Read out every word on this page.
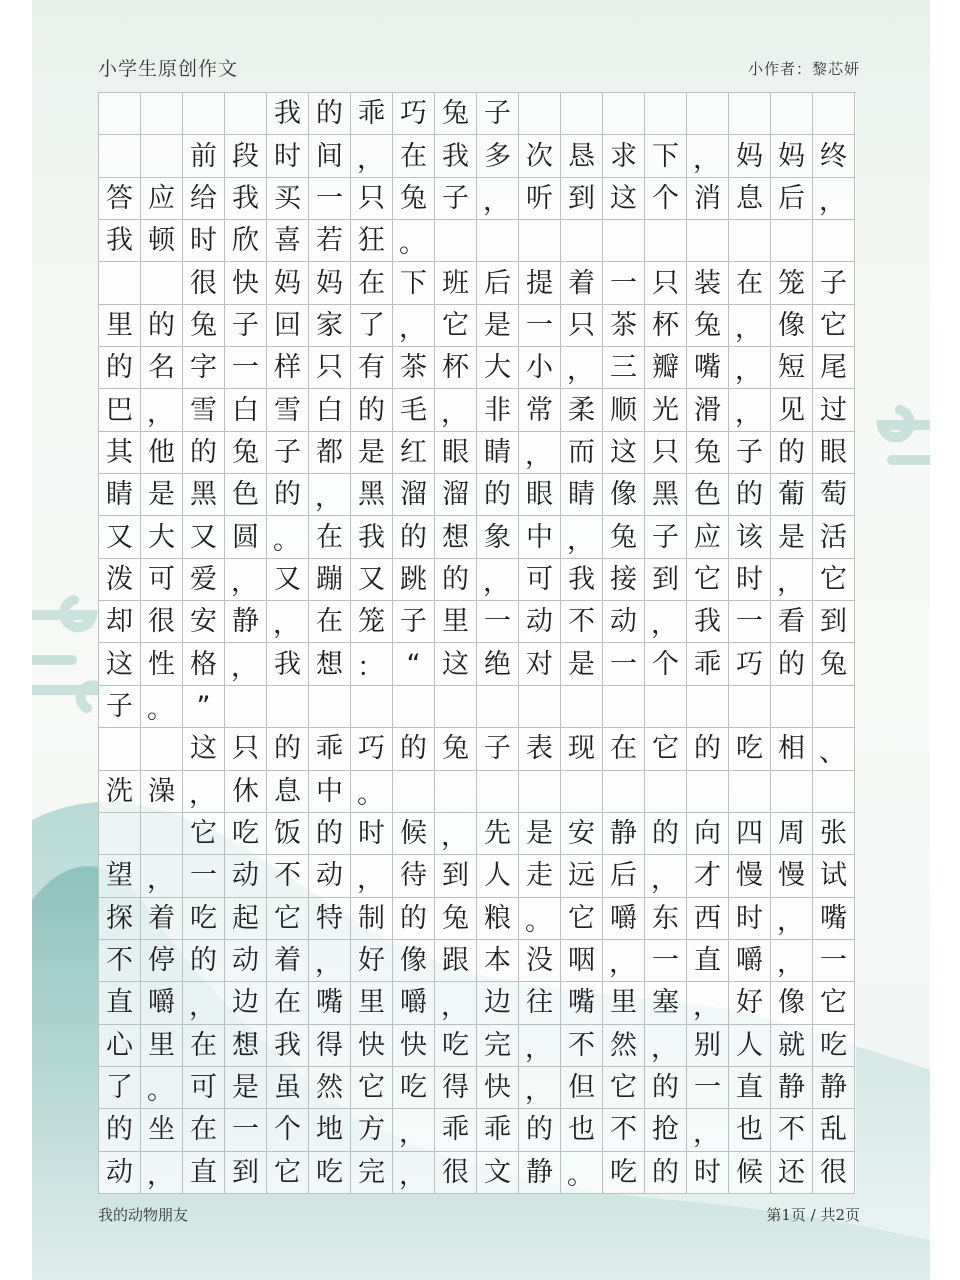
小学生原创作文	小作者：黎芯妍
我 的 乖 巧 兔 子
前 段 时 间 ， 在 我 多 次 恳 求 下 ， 妈 妈 终
答 应 给 我 买 一 只 兔 子 ， 听 到 这 个 消 息 后 ，
我 顿 时 欣 喜 若 狂 。
很 快 妈 妈 在 下 班 后 提 着 一 只 装 在 笼 子
里 的 兔 子 回 家 了 ， 它 是 一 只 茶 杯 兔 ， 像 它
的 名 字 一 样 只 有 茶 杯 大 小 ， 三 瓣 嘴 ， 短 尾
巴 ， 雪 白 雪 白 的 毛 ， 非 常 柔 顺 光 滑 ， 见 过
其 他 的 兔 子 都 是 红 眼 睛 ， 而 这 只 兔 子 的 眼
睛 是 黑 色 的 ， 黑 溜 溜 的 眼 睛 像 黑 色 的 葡 萄
又 大 又 圆 。 在 我 的 想 象 中 ， 兔 子 应 该 是 活
泼 可 爱 ， 又 蹦 又 跳 的 ， 可 我 接 到 它 时 ， 它
却 很 安 静 ， 在 笼 子 里 一 动 不 动 ， 我 一 看 到
这 性 格 ， 我 想 ： “ 这 绝 对 是 一 个 乖 巧 的 兔
子 。 ”
这 只 的 乖 巧 的 兔 子 表 现 在 它 的 吃 相 、
洗 澡 ， 休 息 中 。
它 吃 饭 的 时 候 ， 先 是 安 静 的 向 四 周 张
望 ， 一 动 不 动 ， 待 到 人 走 远 后 ， 才 慢 慢 试
探 着 吃 起 它 特 制 的 兔 粮 。 它 嚼 东 西 时 ， 嘴
不 停 的 动 着 ， 好 像 跟 本 没 咽 ， 一 直 嚼 ， 一
直 嚼 ， 边 在 嘴 里 嚼 ， 边 往 嘴 里 塞 ， 好 像 它
心 里 在 想 我 得 快 快 吃 完 ， 不 然 ， 别 人 就 吃
了 。 可 是 虽 然 它 吃 得 快 ， 但 它 的 一 直 静 静
的 坐 在 一 个 地 方 ， 乖 乖 的 也 不 抢 ， 也 不 乱
动 ， 直 到 它 吃 完 ， 很 文 静 。 吃 的 时 候 还 很
我的动物朋友	第1页 / 共2页
